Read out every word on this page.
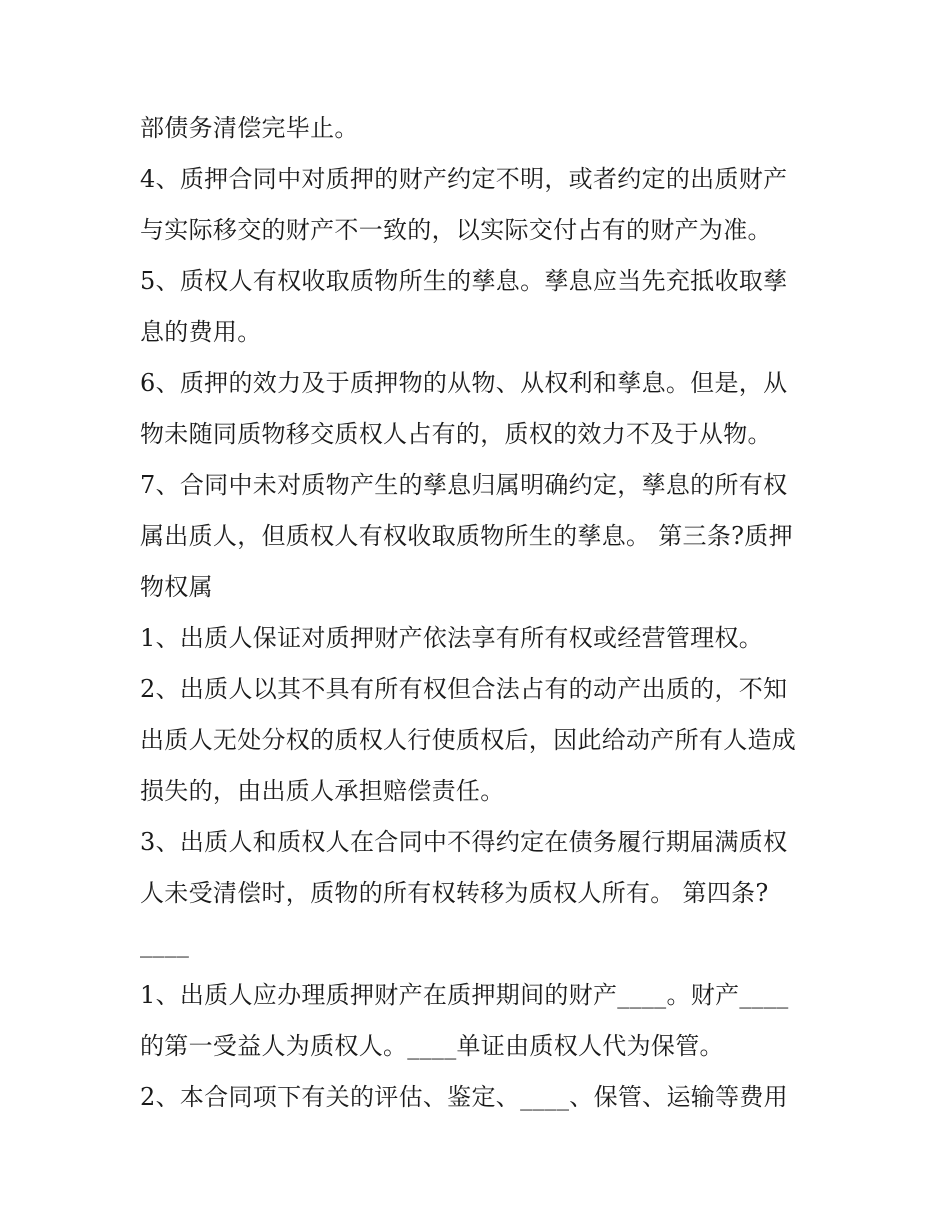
部债务清偿完毕止。
4、质押合同中对质押的财产约定不明，或者约定的出质财产
与实际移交的财产不一致的，以实际交付占有的财产为准。
5、质权人有权收取质物所生的孳息。孳息应当先充抵收取孳
息的费用。
6、质押的效力及于质押物的从物、从权利和孳息。但是，从
物未随同质物移交质权人占有的，质权的效力不及于从物。
7、合同中未对质物产生的孳息归属明确约定，孳息的所有权
属出质人，但质权人有权收取质物所生的孳息。 第三条?质押
物权属
1、出质人保证对质押财产依法享有所有权或经营管理权。
2、出质人以其不具有所有权但合法占有的动产出质的，不知
出质人无处分权的质权人行使质权后，因此给动产所有人造成
损失的，由出质人承担赔偿责任。
3、出质人和质权人在合同中不得约定在债务履行期届满质权
人未受清偿时，质物的所有权转移为质权人所有。 第四条?
____
1、出质人应办理质押财产在质押期间的财产____。财产____
的第一受益人为质权人。____单证由质权人代为保管。
2、本合同项下有关的评估、鉴定、____、保管、运输等费用
